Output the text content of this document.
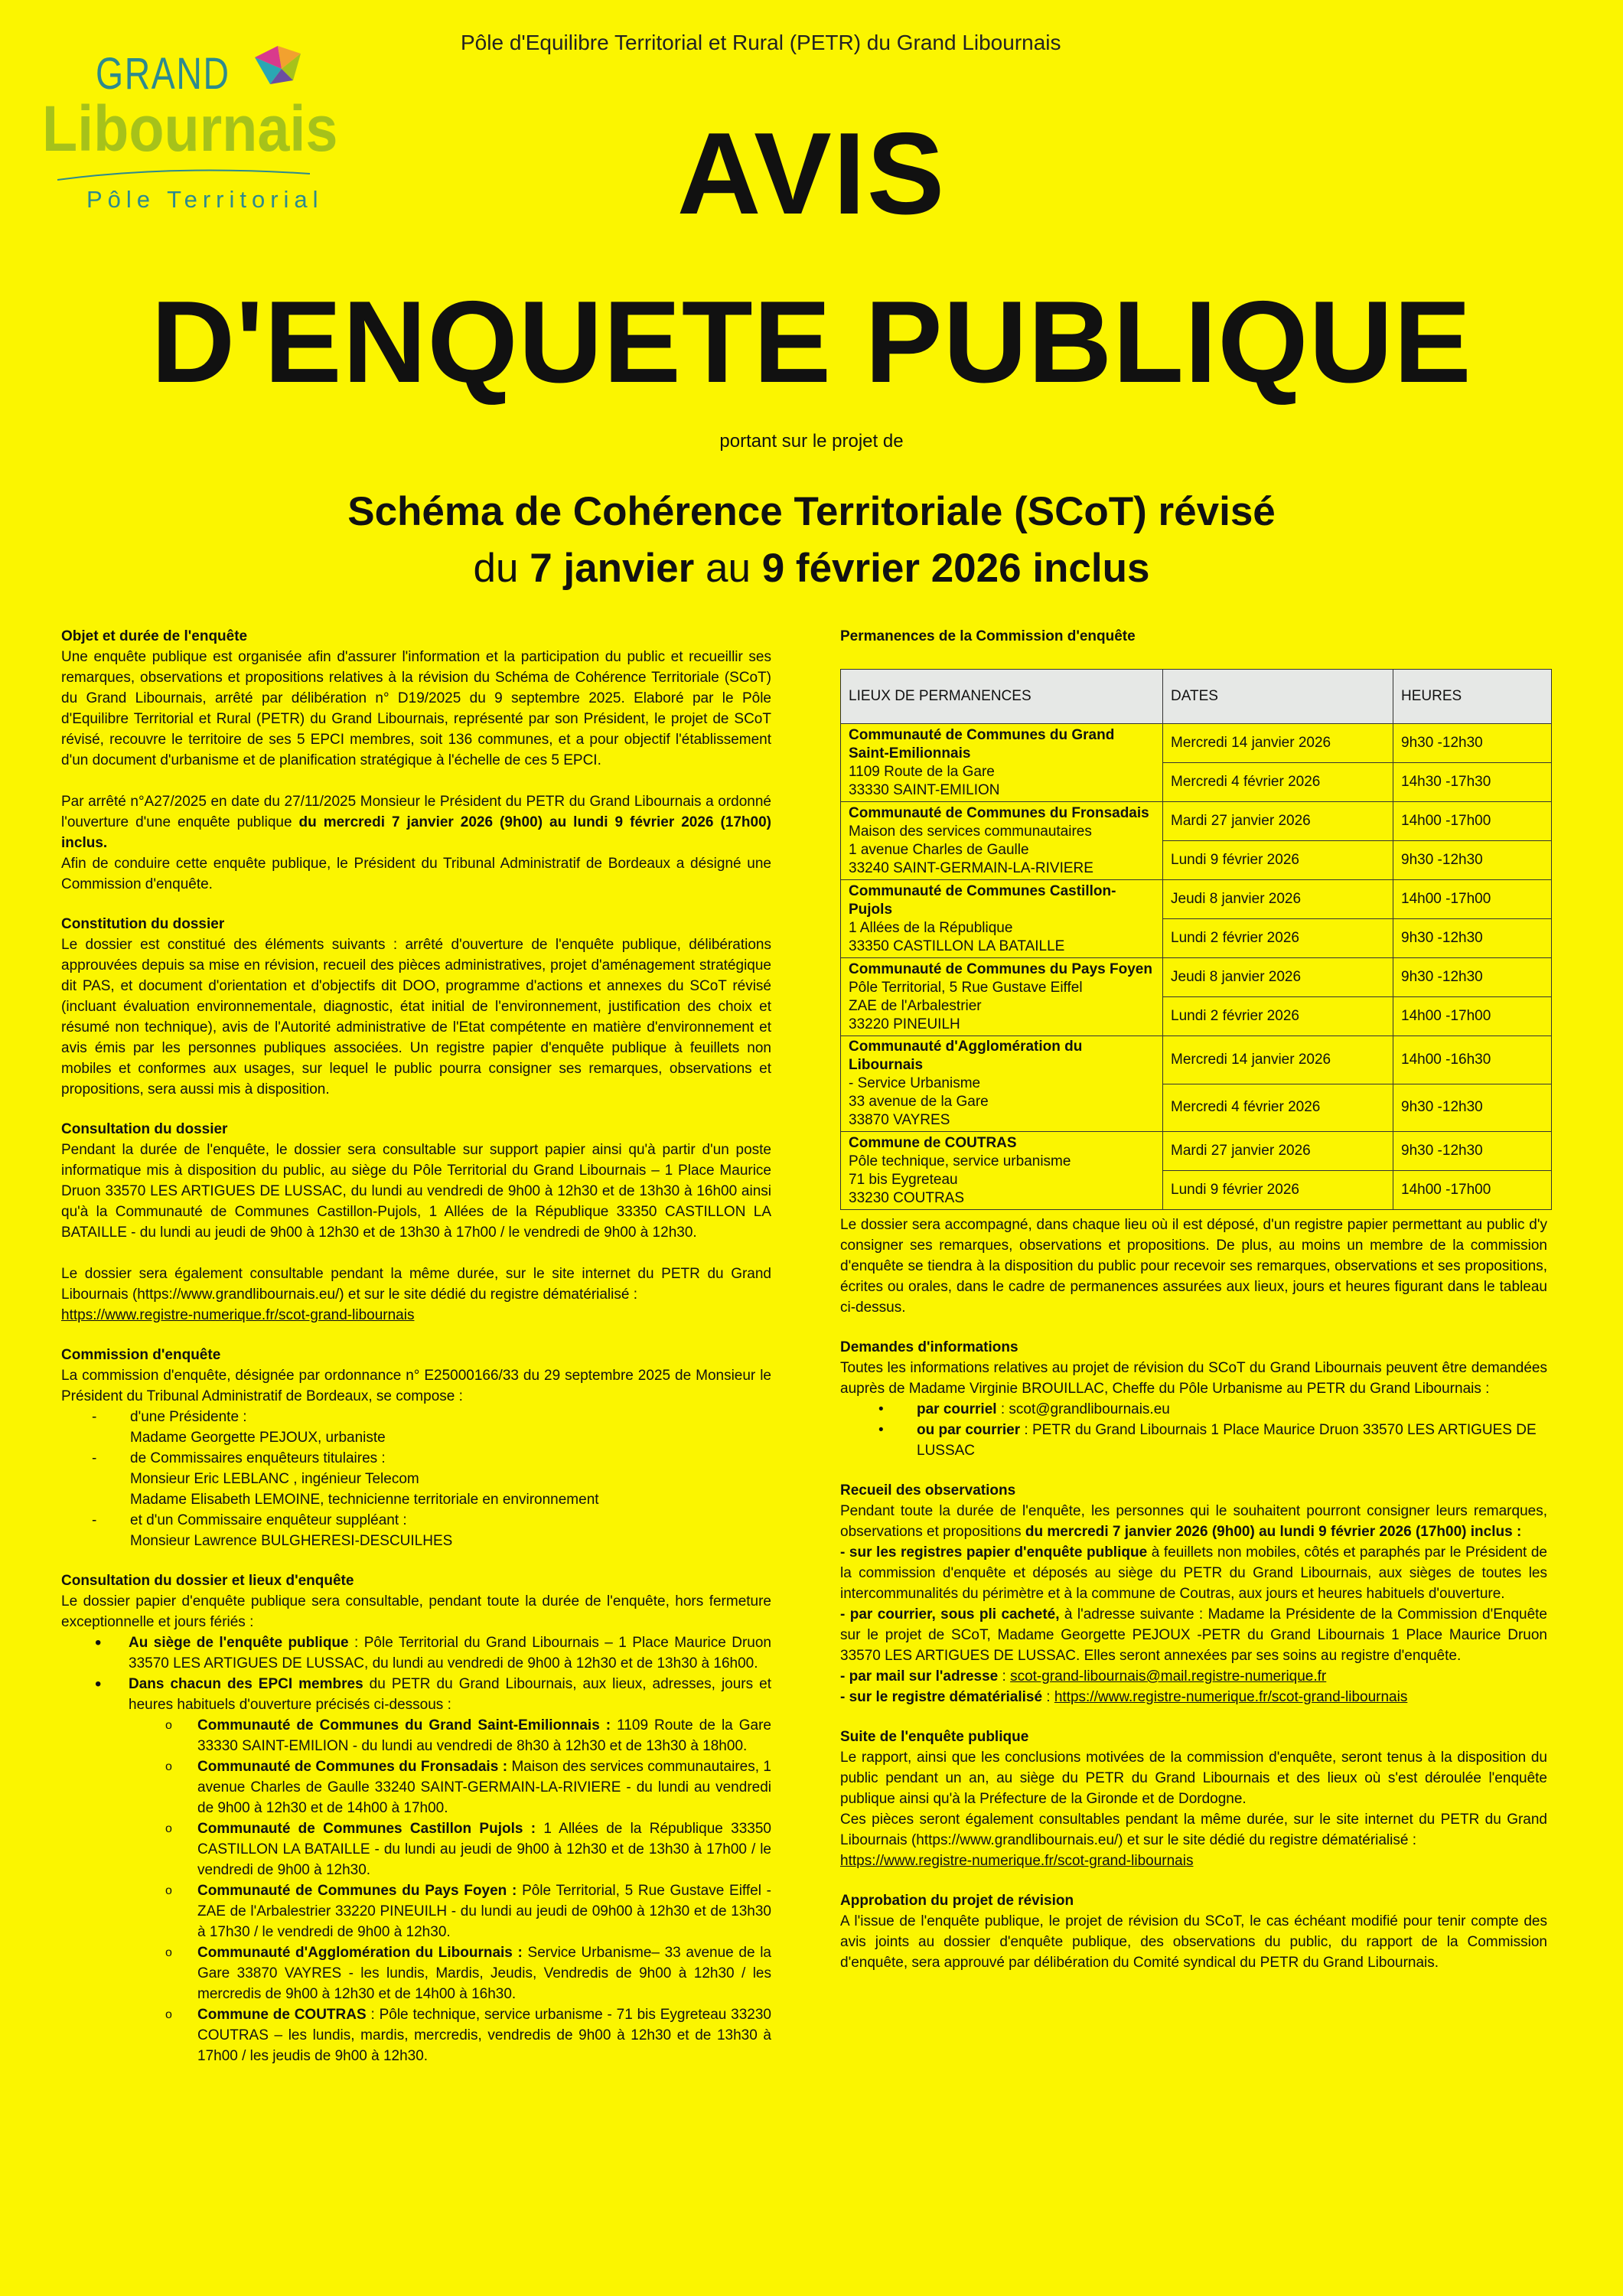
Pôle d'Equilibre Territorial et Rural (PETR) du Grand Libournais
GRAND
Libournais
Pôle Territorial	AVIS
D'ENQUETE PUBLIQUE
portant sur le projet de
Schéma de Cohérence Territoriale (SCoT) révisé
du 7 janvier au 9 février 2026 inclus

Objet et durée de l'enquête

Une enquête publique est organisée afin d'assurer l'information et la participation du public et recueillir ses remarques, observations et propositions relatives à la révision du Schéma de Cohérence Territoriale (SCoT) du Grand Libournais, arrêté par délibération n° D19/2025 du 9 septembre 2025. Elaboré par le Pôle d'Equilibre Territorial et Rural (PETR) du Grand Libournais, représenté par son Président, le projet de SCoT révisé, recouvre le territoire de ses 5 EPCI membres, soit 136 communes, et a pour objectif l'établissement d'un document d'urbanisme et de planification stratégique à l'échelle de ces 5 EPCI.

Par arrêté n°A27/2025 en date du 27/11/2025 Monsieur le Président du PETR du Grand Libournais a ordonné l'ouverture d'une enquête publique du mercredi 7 janvier 2026 (9h00) au lundi 9 février 2026 (17h00) inclus.

Afin de conduire cette enquête publique, le Président du Tribunal Administratif de Bordeaux a désigné une Commission d'enquête.

Constitution du dossier

Le dossier est constitué des éléments suivants : arrêté d'ouverture de l'enquête publique, délibérations approuvées depuis sa mise en révision, recueil des pièces administratives, projet d'aménagement stratégique dit PAS, et document d'orientation et d'objectifs dit DOO, programme d'actions et annexes du SCoT révisé (incluant évaluation environnementale, diagnostic, état initial de l'environnement, justification des choix et résumé non technique), avis de l'Autorité administrative de l'Etat compétente en matière d'environnement et avis émis par les personnes publiques associées. Un registre papier d'enquête publique à feuillets non mobiles et conformes aux usages, sur lequel le public pourra consigner ses remarques, observations et propositions, sera aussi mis à disposition.

Consultation du dossier

Pendant la durée de l'enquête, le dossier sera consultable sur support papier ainsi qu'à partir d'un poste informatique mis à disposition du public, au siège du Pôle Territorial du Grand Libournais – 1 Place Maurice Druon 33570 LES ARTIGUES DE LUSSAC, du lundi au vendredi de 9h00 à 12h30 et de 13h30 à 16h00 ainsi qu'à la Communauté de Communes Castillon-Pujols, 1 Allées de la République 33350 CASTILLON LA BATAILLE - du lundi au jeudi de 9h00 à 12h30 et de 13h30 à 17h00 / le vendredi de 9h00 à 12h30.

Le dossier sera également consultable pendant la même durée, sur le site internet du PETR du Grand Libournais (https://www.grandlibournais.eu/) et sur le site dédié du registre dématérialisé :
https://www.registre-numerique.fr/scot-grand-libournais

Commission d'enquête

La commission d'enquête, désignée par ordonnance n° E25000166/33 du 29 septembre 2025 de Monsieur le Président du Tribunal Administratif de Bordeaux, se compose :

- d'une Présidente :
Madame Georgette PEJOUX, urbaniste
- de Commissaires enquêteurs titulaires :
Monsieur Eric LEBLANC , ingénieur Telecom
Madame Elisabeth LEMOINE, technicienne territoriale en environnement
- et d'un Commissaire enquêteur suppléant :
Monsieur Lawrence BULGHERESI-DESCUILHES

Consultation du dossier et lieux d'enquête

Le dossier papier d'enquête publique sera consultable, pendant toute la durée de l'enquête, hors fermeture exceptionnelle et jours fériés :

• Au siège de l'enquête publique : Pôle Territorial du Grand Libournais – 1 Place Maurice Druon 33570 LES ARTIGUES DE LUSSAC, du lundi au vendredi de 9h00 à 12h30 et de 13h30 à 16h00.
• Dans chacun des EPCI membres du PETR du Grand Libournais, aux lieux, adresses, jours et heures habituels d'ouverture précisés ci-dessous :
o Communauté de Communes du Grand Saint-Emilionnais : 1109 Route de la Gare 33330 SAINT-EMILION - du lundi au vendredi de 8h30 à 12h30 et de 13h30 à 18h00.
o Communauté de Communes du Fronsadais : Maison des services communautaires, 1 avenue Charles de Gaulle 33240 SAINT-GERMAIN-LA-RIVIERE - du lundi au vendredi de 9h00 à 12h30 et de 14h00 à 17h00.
o Communauté de Communes Castillon Pujols : 1 Allées de la République 33350 CASTILLON LA BATAILLE - du lundi au jeudi de 9h00 à 12h30 et de 13h30 à 17h00 / le vendredi de 9h00 à 12h30.
o Communauté de Communes du Pays Foyen : Pôle Territorial, 5 Rue Gustave Eiffel - ZAE de l'Arbalestrier 33220 PINEUILH - du lundi au jeudi de 09h00 à 12h30 et de 13h30 à 17h30 / le vendredi de 9h00 à 12h30.
o Communauté d'Agglomération du Libournais : Service Urbanisme– 33 avenue de la Gare 33870 VAYRES - les lundis, Mardis, Jeudis, Vendredis de 9h00 à 12h30 / les mercredis de 9h00 à 12h30 et de 14h00 à 16h30.
o Commune de COUTRAS : Pôle technique, service urbanisme - 71 bis Eygreteau 33230 COUTRAS – les lundis, mardis, mercredis, vendredis de 9h00 à 12h30 et de 13h30 à 17h00 / les jeudis de 9h00 à 12h30.

Permanences de la Commission d'enquête

LIEUX DE PERMANENCES	DATES	HEURES

Communauté de Communes du Grand Saint-Emilionnais
1109 Route de la Gare
33330 SAINT-EMILION	Mercredi 14 janvier 2026	9h30 -12h30
	Mercredi 4 février 2026	14h30 -17h30

Communauté de Communes du Fronsadais
Maison des services communautaires
1 avenue Charles de Gaulle
33240 SAINT-GERMAIN-LA-RIVIERE	Mardi 27 janvier 2026	14h00 -17h00
	Lundi 9 février 2026	9h30 -12h30

Communauté de Communes Castillon-Pujols
1 Allées de la République
33350 CASTILLON LA BATAILLE	Jeudi 8 janvier 2026	14h00 -17h00
	Lundi 2 février 2026	9h30 -12h30

Communauté de Communes du Pays Foyen
Pôle Territorial, 5 Rue Gustave Eiffel
ZAE de l'Arbalestrier
33220 PINEUILH	Jeudi 8 janvier 2026	9h30 -12h30
	Lundi 2 février 2026	14h00 -17h00

Communauté d'Agglomération du Libournais
- Service Urbanisme
33 avenue de la Gare
33870 VAYRES	Mercredi 14 janvier 2026	14h00 -16h30
	Mercredi 4 février 2026	9h30 -12h30

Commune de COUTRAS
Pôle technique, service urbanisme
71 bis Eygreteau
33230 COUTRAS	Mardi 27 janvier 2026	9h30 -12h30
	Lundi 9 février 2026	14h00 -17h00

Le dossier sera accompagné, dans chaque lieu où il est déposé, d'un registre papier permettant au public d'y consigner ses remarques, observations et propositions. De plus, au moins un membre de la commission d'enquête se tiendra à la disposition du public pour recevoir ses remarques, observations et ses propositions, écrites ou orales, dans le cadre de permanences assurées aux lieux, jours et heures figurant dans le tableau ci-dessus.

Demandes d'informations

Toutes les informations relatives au projet de révision du SCoT du Grand Libournais peuvent être demandées auprès de Madame Virginie BROUILLAC, Cheffe du Pôle Urbanisme au PETR du Grand Libournais :

• par courriel : scot@grandlibournais.eu
• ou par courrier : PETR du Grand Libournais 1 Place Maurice Druon 33570 LES ARTIGUES DE LUSSAC

Recueil des observations

Pendant toute la durée de l'enquête, les personnes qui le souhaitent pourront consigner leurs remarques, observations et propositions du mercredi 7 janvier 2026 (9h00) au lundi 9 février 2026 (17h00) inclus :

- sur les registres papier d'enquête publique à feuillets non mobiles, côtés et paraphés par le Président de la commission d'enquête et déposés au siège du PETR du Grand Libournais, aux sièges de toutes les intercommunalités du périmètre et à la commune de Coutras, aux jours et heures habituels d'ouverture.

- par courrier, sous pli cacheté, à l'adresse suivante : Madame la Présidente de la Commission d'Enquête sur le projet de SCoT, Madame Georgette PEJOUX -PETR du Grand Libournais 1 Place Maurice Druon 33570 LES ARTIGUES DE LUSSAC. Elles seront annexées par ses soins au registre d'enquête.

- par mail sur l'adresse : scot-grand-libournais@mail.registre-numerique.fr

- sur le registre dématérialisé : https://www.registre-numerique.fr/scot-grand-libournais

Suite de l'enquête publique

Le rapport, ainsi que les conclusions motivées de la commission d'enquête, seront tenus à la disposition du public pendant un an, au siège du PETR du Grand Libournais et des lieux où s'est déroulée l'enquête publique ainsi qu'à la Préfecture de la Gironde et de Dordogne.

Ces pièces seront également consultables pendant la même durée, sur le site internet du PETR du Grand Libournais (https://www.grandlibournais.eu/) et sur le site dédié du registre dématérialisé :

https://www.registre-numerique.fr/scot-grand-libournais

Approbation du projet de révision

A l'issue de l'enquête publique, le projet de révision du SCoT, le cas échéant modifié pour tenir compte des avis joints au dossier d'enquête publique, des observations du public, du rapport de la Commission d'enquête, sera approuvé par délibération du Comité syndical du PETR du Grand Libournais.
